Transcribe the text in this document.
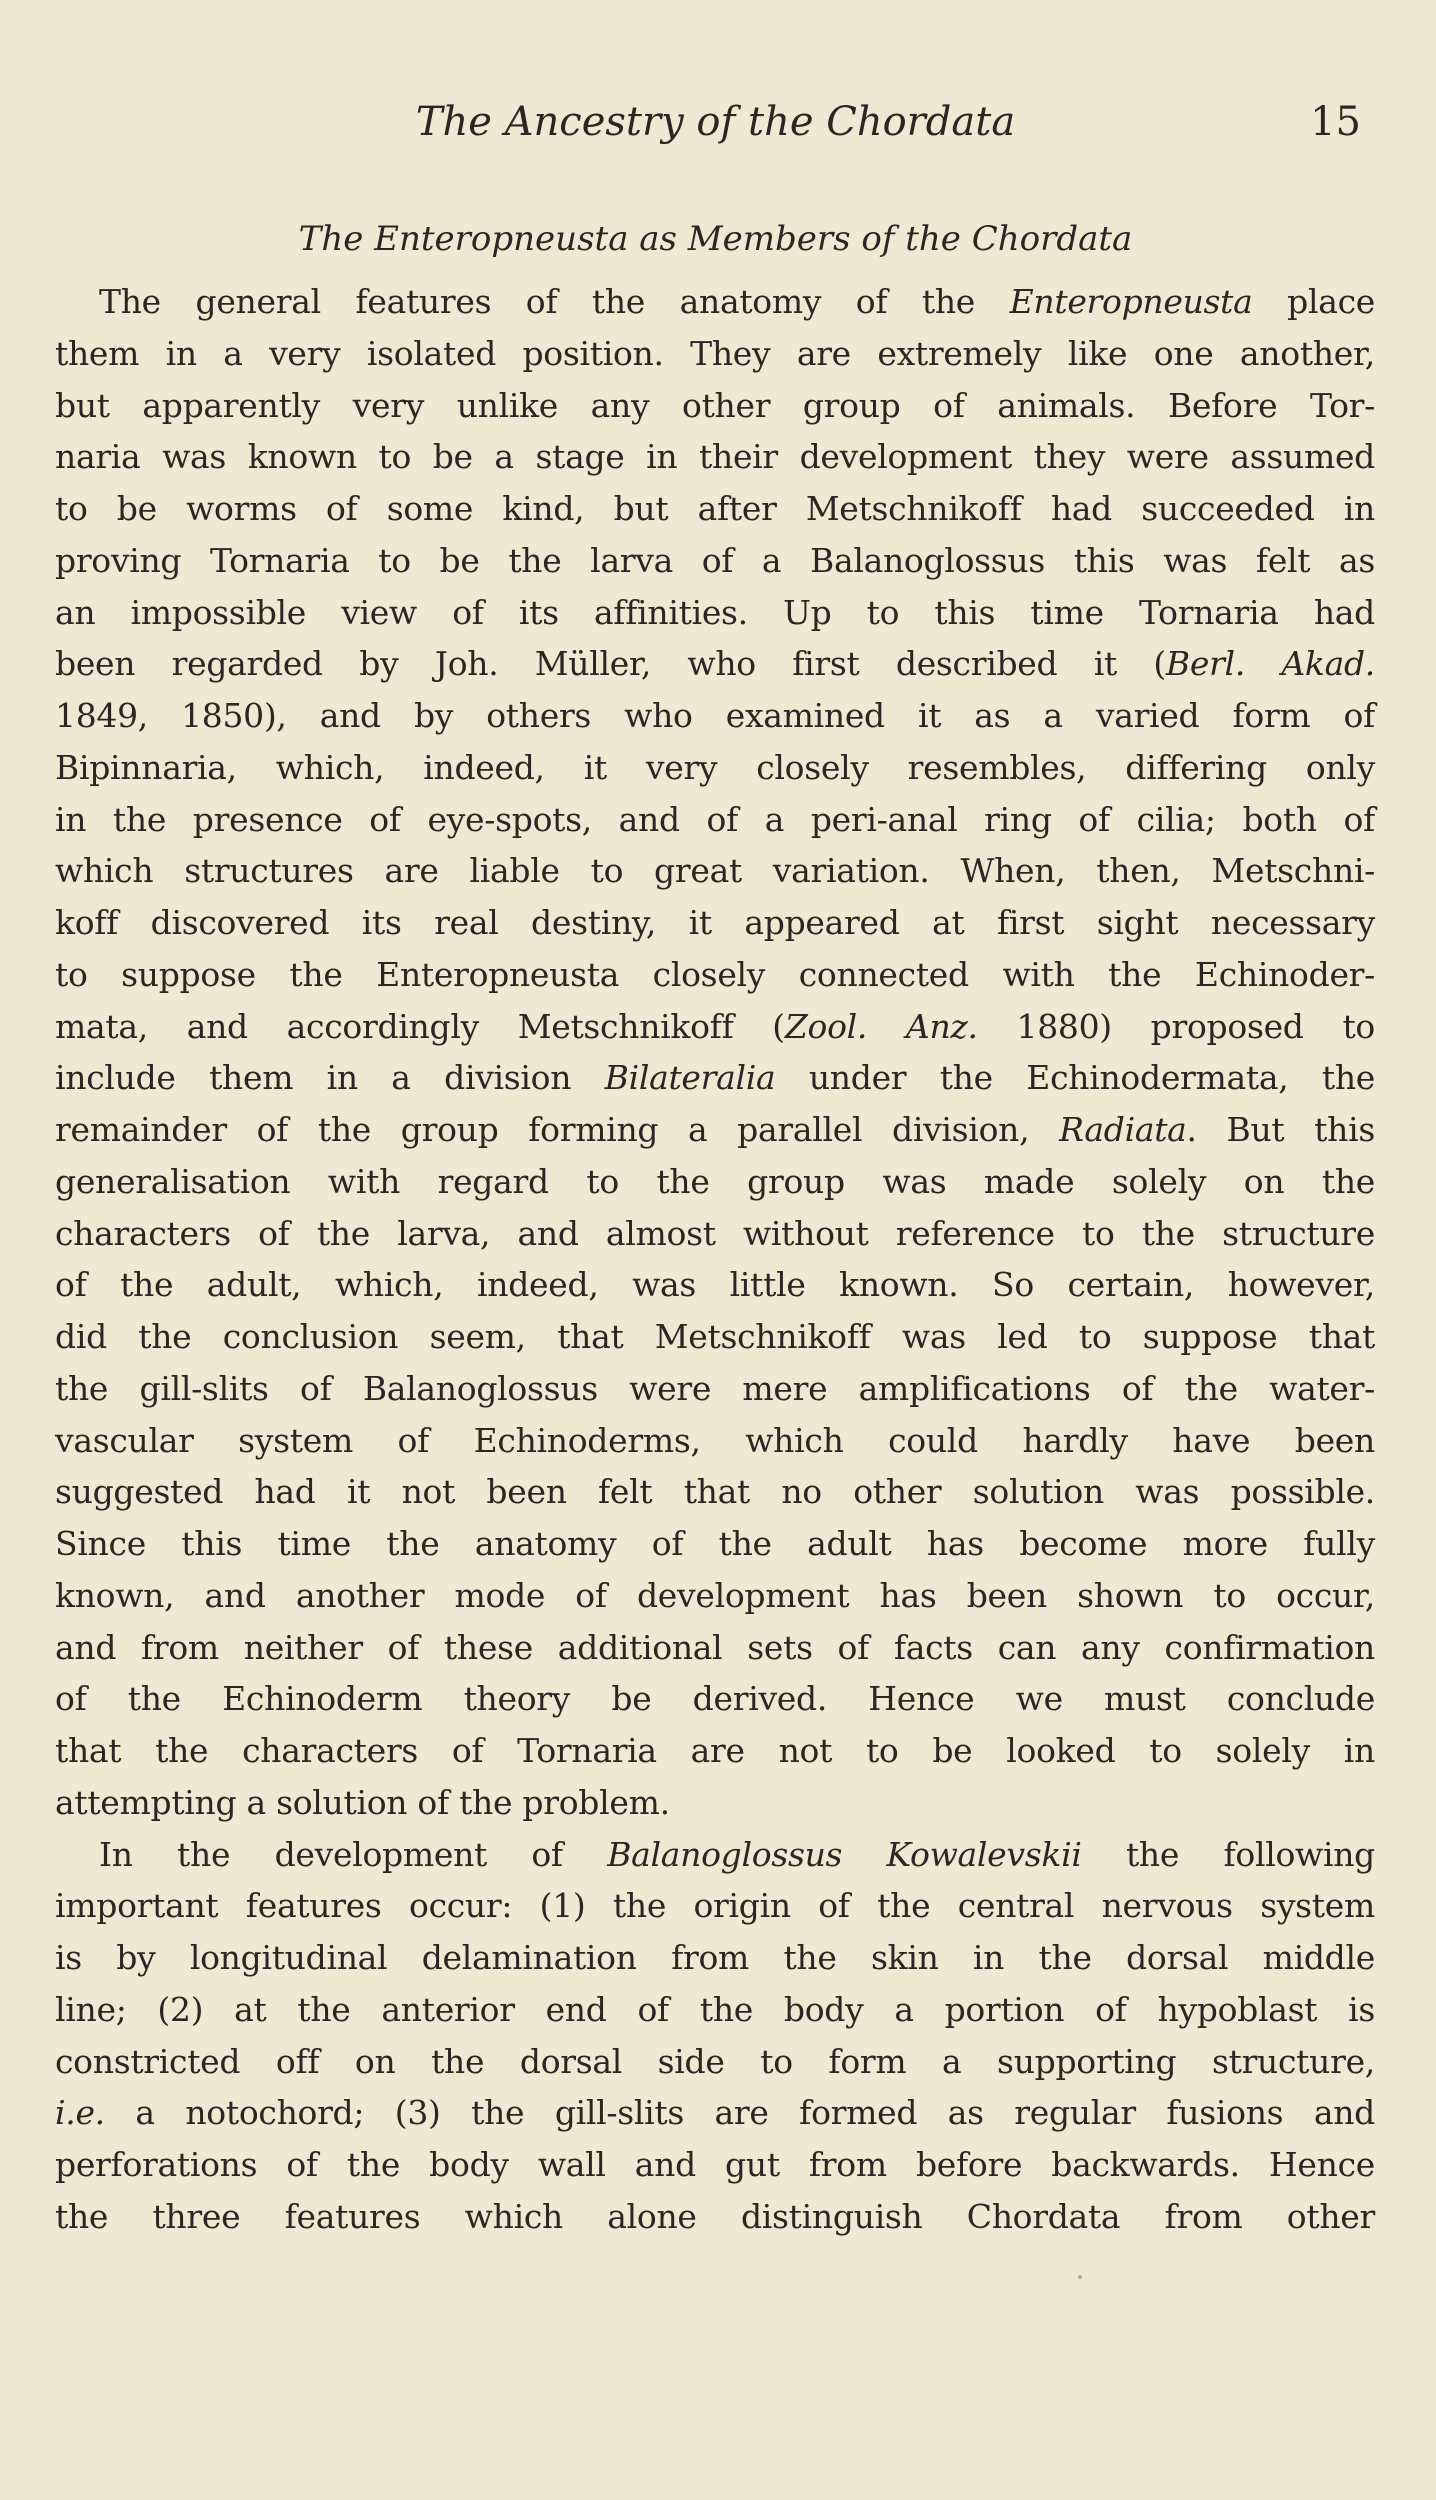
The Ancestry of the Chordata	15
The Enteropneusta as Members of the Chordata
The general features of the anatomy of the Enteropneusta place
them in a very isolated position. They are extremely like one another,
but apparently very unlike any other group of animals. Before Tor-
naria was known to be a stage in their development they were assumed
to be worms of some kind, but after Metschnikoff had succeeded in
proving Tornaria to be the larva of a Balanoglossus this was felt as
an impossible view of its affinities. Up to this time Tornaria had
been regarded by Joh. Müller, who first described it (Berl. Akad.
1849, 1850), and by others who examined it as a varied form of
Bipinnaria, which, indeed, it very closely resembles, differing only
in the presence of eye-spots, and of a peri-anal ring of cilia; both of
which structures are liable to great variation. When, then, Metschni-
koff discovered its real destiny, it appeared at first sight necessary
to suppose the Enteropneusta closely connected with the Echinoder-
mata, and accordingly Metschnikoff (Zool. Anz. 1880) proposed to
include them in a division Bilateralia under the Echinodermata, the
remainder of the group forming a parallel division, Radiata. But this
generalisation with regard to the group was made solely on the
characters of the larva, and almost without reference to the structure
of the adult, which, indeed, was little known. So certain, however,
did the conclusion seem, that Metschnikoff was led to suppose that
the gill-slits of Balanoglossus were mere amplifications of the water-
vascular system of Echinoderms, which could hardly have been
suggested had it not been felt that no other solution was possible.
Since this time the anatomy of the adult has become more fully
known, and another mode of development has been shown to occur,
and from neither of these additional sets of facts can any confirmation
of the Echinoderm theory be derived. Hence we must conclude
that the characters of Tornaria are not to be looked to solely in
attempting a solution of the problem.
In the development of Balanoglossus Kowalevskii the following
important features occur: (1) the origin of the central nervous system
is by longitudinal delamination from the skin in the dorsal middle
line; (2) at the anterior end of the body a portion of hypoblast is
constricted off on the dorsal side to form a supporting structure,
i.e. a notochord; (3) the gill-slits are formed as regular fusions and
perforations of the body wall and gut from before backwards. Hence
the three features which alone distinguish Chordata from other
